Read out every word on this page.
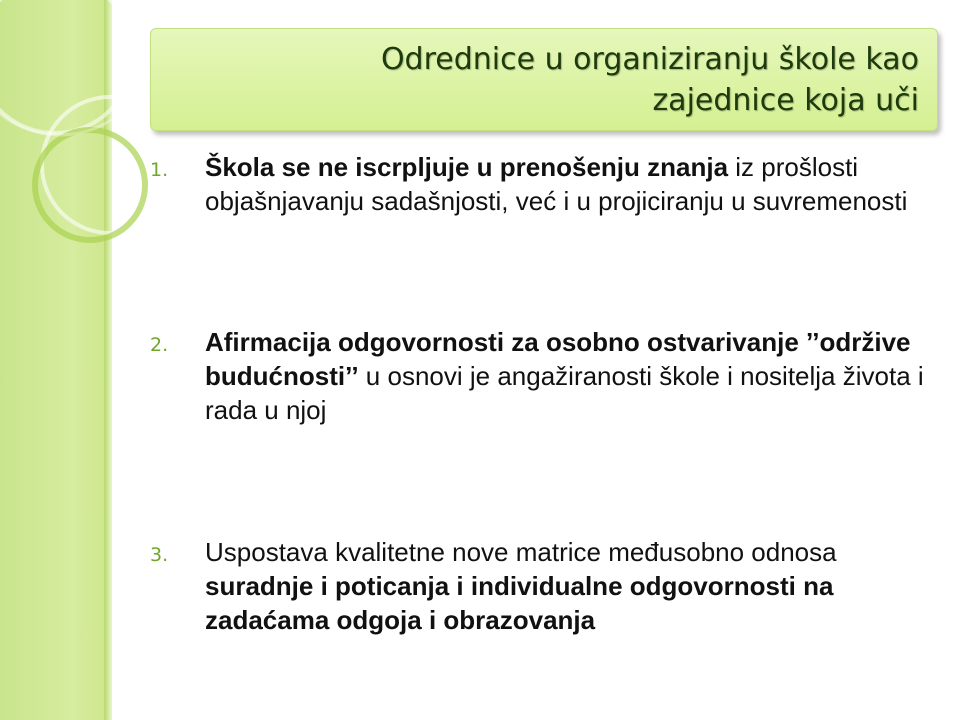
Odrednice u organiziranju škole kao
zajednice koja uči
1.	Škola se ne iscrpljuje u prenošenju znanja iz prošlosti objašnjavanju sadašnjosti, već i u projiciranju u suvremenosti
2.	Afirmacija odgovornosti za osobno ostvarivanje ’’održive budućnosti’’ u osnovi je angažiranosti škole i nositelja života i rada u njoj
3.	Uspostava kvalitetne nove matrice međusobno odnosa suradnje i poticanja i individualne odgovornosti na zadaćama odgoja i obrazovanja
